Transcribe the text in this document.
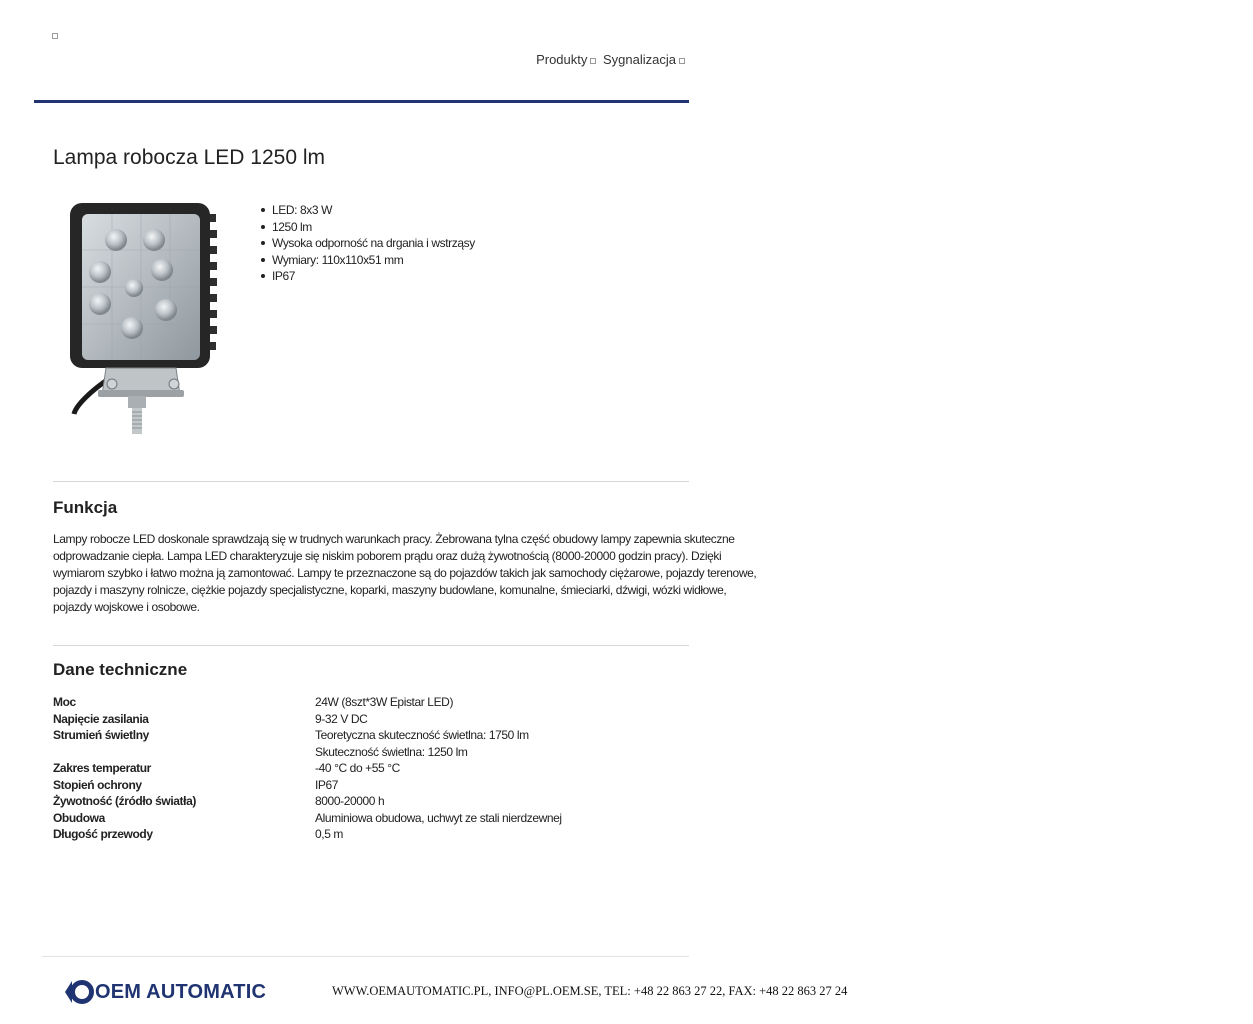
Produkty Sygnalizacja
Lampa robocza LED 1250 lm
LED: 8x3 W
1250 lm
Wysoka odporność na drgania i wstrząsy
Wymiary: 110x110x51 mm
IP67
Funkcja
Lampy robocze LED doskonale sprawdzają się w trudnych warunkach pracy. Żebrowana tylna część obudowy lampy zapewnia skuteczne
odprowadzanie ciepła. Lampa LED charakteryzuje się niskim poborem prądu oraz dużą żywotnością (8000-20000 godzin pracy). Dzięki
wymiarom szybko i łatwo można ją zamontować. Lampy te przeznaczone są do pojazdów takich jak samochody ciężarowe, pojazdy terenowe,
pojazdy i maszyny rolnicze, ciężkie pojazdy specjalistyczne, koparki, maszyny budowlane, komunalne, śmieciarki, dźwigi, wózki widłowe,
pojazdy wojskowe i osobowe.
Dane techniczne
Moc	24W (8szt*3W Epistar LED)
Napięcie zasilania	9-32 V DC
Strumień świetlny	Teoretyczna skuteczność świetlna: 1750 lm
	Skuteczność świetlna: 1250 lm
Zakres temperatur	-40 °C do +55 °C
Stopień ochrony	IP67
Żywotność (źródło światła)	8000-20000 h
Obudowa	Aluminiowa obudowa, uchwyt ze stali nierdzewnej
Długość przewody	0,5 m
OEM AUTOMATIC	WWW.OEMAUTOMATIC.PL, INFO@PL.OEM.SE, TEL: +48 22 863 27 22, FAX: +48 22 863 27 24
